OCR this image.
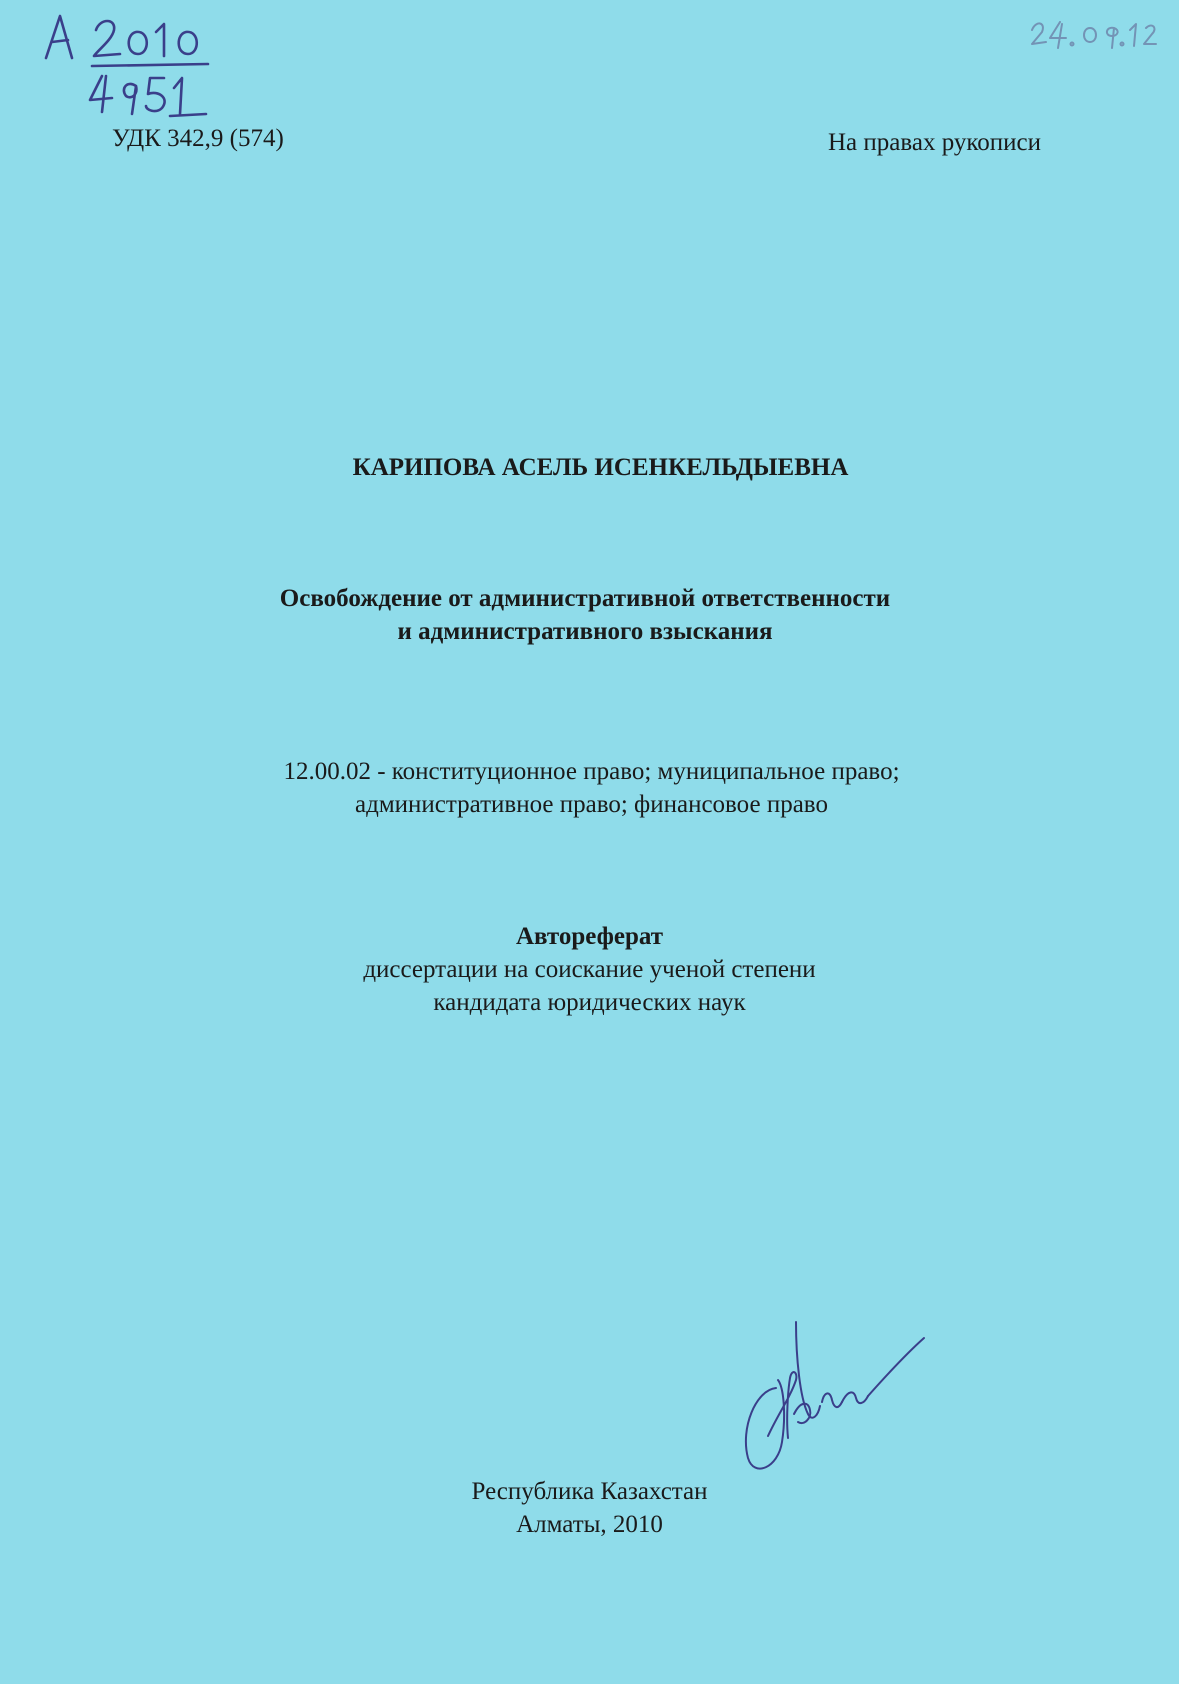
УДК 342,9 (574)	На правах рукописи
КАРИПОВА АСЕЛЬ ИСЕНКЕЛЬДЫЕВНА
Освобождение от административной ответственности
и административного взыскания
12.00.02 - конституционное право; муниципальное право;
административное право; финансовое право
Автореферат
диссертации на соискание ученой степени
кандидата юридических наук
Республика Казахстан
Алматы, 2010
